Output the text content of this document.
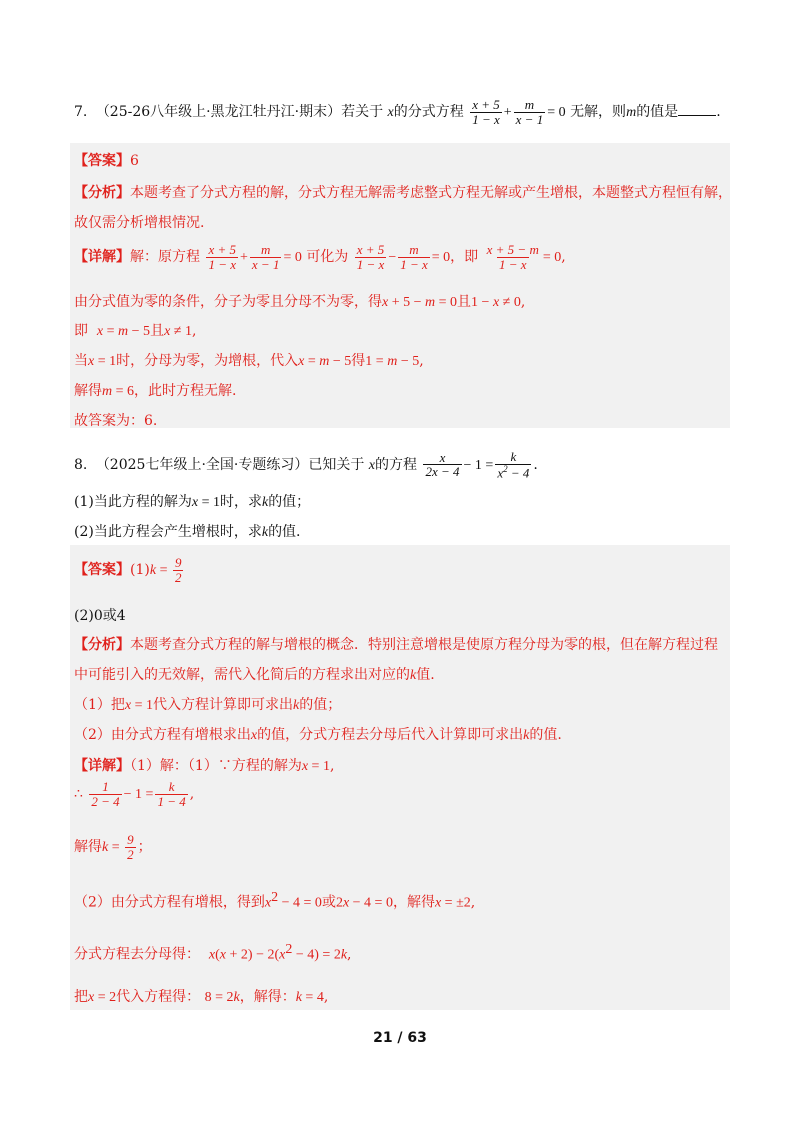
7. （25-26八年级上·黑龙江牡丹江·期末）若关于 x的分式方程 $\frac{x + 5}{1 - x} + \frac{m}{x - 1} = 0$ 无解，则m的值是	.
【答案】6
【分析】本题考查了分式方程的解，分式方程无解需考虑整式方程无解或产生增根，本题整式方程恒有解，
故仅需分析增根情况.
【详解】解：原方程 $\frac{x + 5}{1 - x} + \frac{m}{x - 1} = 0$ 可化为 $\frac{x + 5}{1 - x} - \frac{m}{1 - x} = 0$，即 $\frac{x + 5 - m}{1 - x} = 0$,
由分式值为零的条件，分子为零且分母不为零，得x + 5 − m = 0且1 − x ≠ 0,
即 x = m − 5且x ≠ 1,
当x = 1时，分母为零，为增根，代入x = m − 5得1 = m − 5,
解得m = 6，此时方程无解.
故答案为：6.
8. （2025七年级上·全国·专题练习）已知关于 x的方程 $\frac{x}{2x - 4} - 1 = \frac{k}{x^2 - 4}$ .
(1)当此方程的解为x = 1时，求k的值；
(2)当此方程会产生增根时，求k的值.
【答案】$(1)k = \frac{9}{2}$
(2)0或4
【分析】本题考查分式方程的解与增根的概念．特别注意增根是使原方程分母为零的根，但在解方程过程
中可能引入的无效解，需代入化简后的方程求出对应的k值.
（1）把x = 1代入方程计算即可求出k的值；
（2）由分式方程有增根求出x的值，分式方程去分母后代入计算即可求出k的值.
【详解】（1）解：（1）∵方程的解为x = 1,
∴ $\frac{1}{2 - 4} - 1 = \frac{k}{1 - 4}$ ,
解得$k = \frac{9}{2}$ ；
（2）由分式方程有增根，得到$x^2 - 4 = 0$或2x − 4 = 0，解得x = ±2,
分式方程去分母得： $x(x + 2) - 2(x^2 - 4) = 2k$,
把x = 2代入方程得： 8 = 2k，解得：k = 4,
21 / 63
